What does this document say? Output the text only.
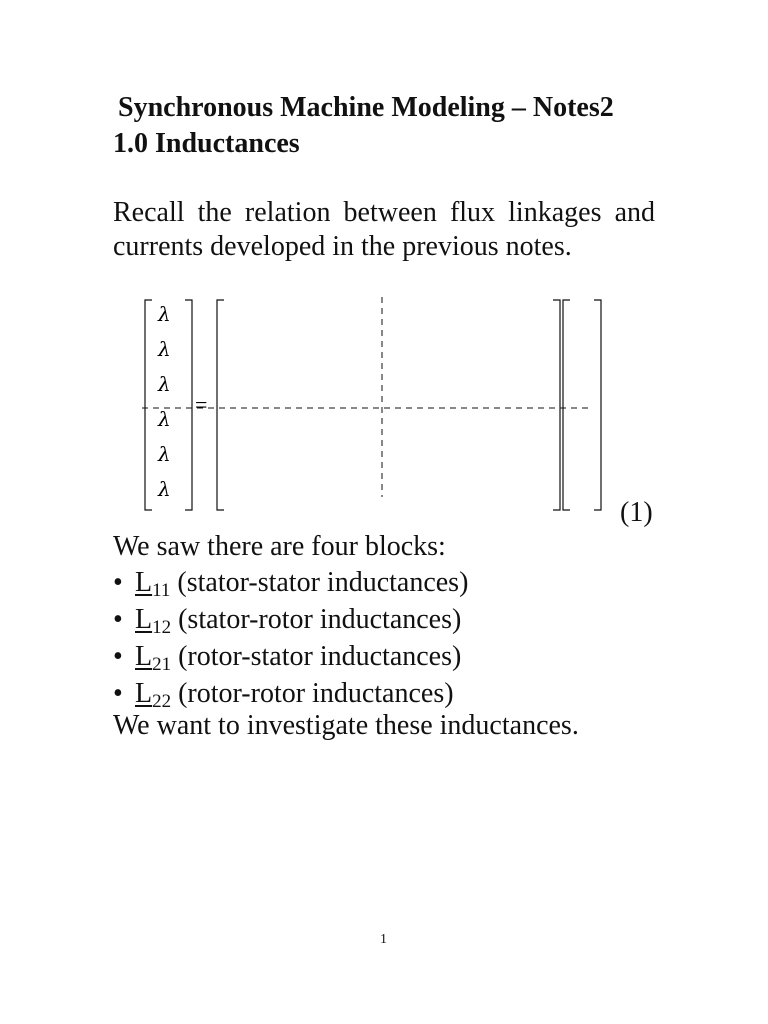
Synchronous Machine Modeling – Notes2
1.0 Inductances
Recall the relation between flux linkages and currents developed in the previous notes.
λ
λ
λ
λ
λ
λ
=
(1)
We saw there are four blocks:
• $L_{11}$ (stator-stator inductances)
• $L_{12}$ (stator-rotor inductances)
• $L_{21}$ (rotor-stator inductances)
• $L_{22}$ (rotor-rotor inductances)
We want to investigate these inductances.
1
